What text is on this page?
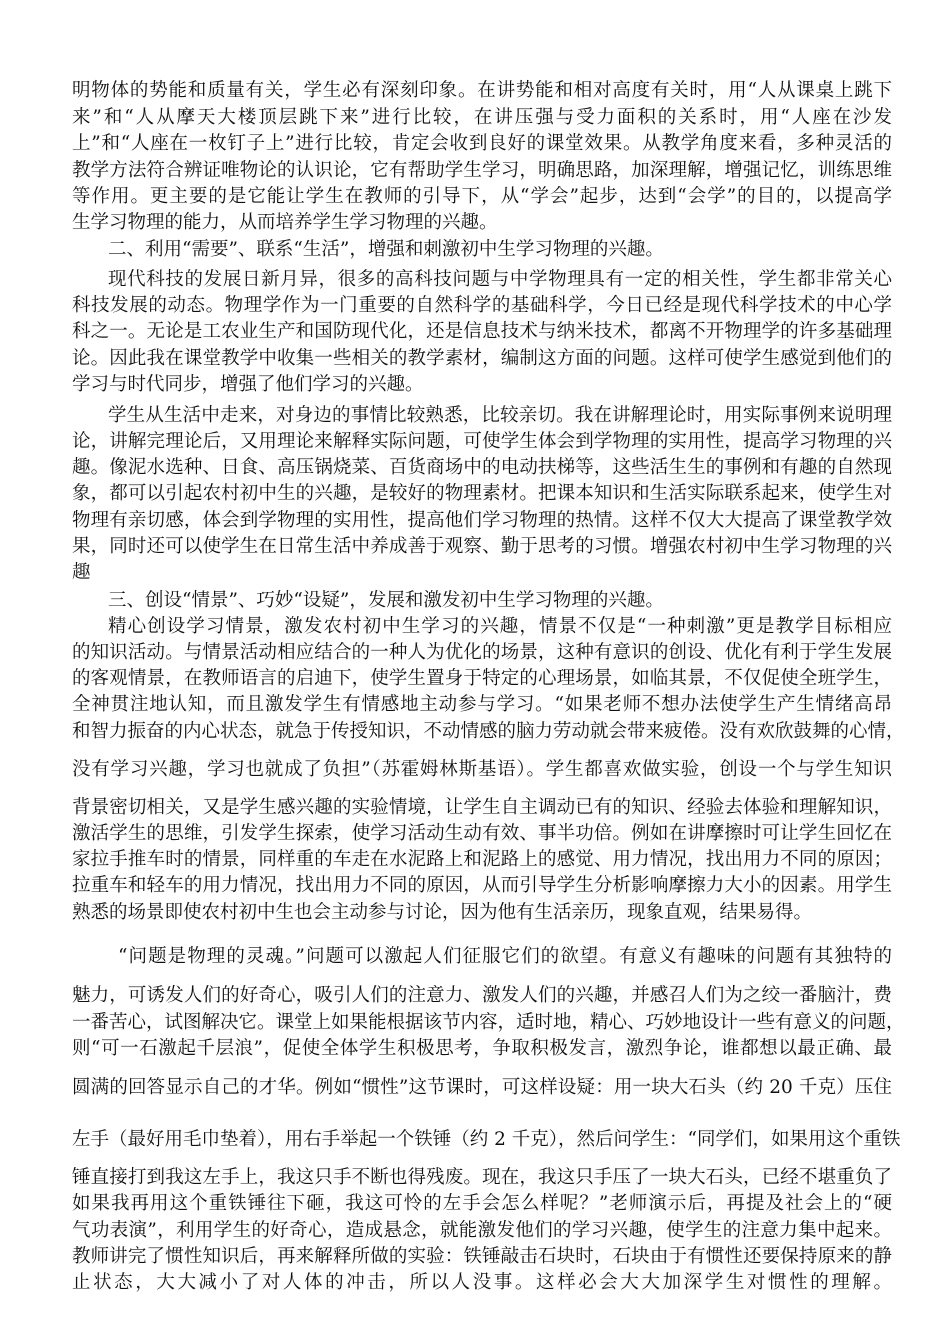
明物体的势能和质量有关，学生必有深刻印象。在讲势能和相对高度有关时，用“人从课桌上跳下
来”和“人从摩天大楼顶层跳下来”进行比较，在讲压强与受力面积的关系时，用“人座在沙发
上”和“人座在一枚钉子上”进行比较，肯定会收到良好的课堂效果。从教学角度来看，多种灵活的
教学方法符合辨证唯物论的认识论，它有帮助学生学习，明确思路，加深理解，增强记忆，训练思维
等作用。更主要的是它能让学生在教师的引导下，从“学会”起步，达到“会学”的目的，以提高学
生学习物理的能力，从而培养学生学习物理的兴趣。
二、利用“需要”、联系“生活”，增强和刺激初中生学习物理的兴趣。
现代科技的发展日新月异，很多的高科技问题与中学物理具有一定的相关性，学生都非常关心
科技发展的动态。物理学作为一门重要的自然科学的基础科学，今日已经是现代科学技术的中心学
科之一。无论是工农业生产和国防现代化，还是信息技术与纳米技术，都离不开物理学的许多基础理
论。因此我在课堂教学中收集一些相关的教学素材，编制这方面的问题。这样可使学生感觉到他们的
学习与时代同步，增强了他们学习的兴趣。
学生从生活中走来，对身边的事情比较熟悉，比较亲切。我在讲解理论时，用实际事例来说明理
论，讲解完理论后，又用理论来解释实际问题，可使学生体会到学物理的实用性，提高学习物理的兴
趣。像泥水选种、日食、高压锅烧菜、百货商场中的电动扶梯等，这些活生生的事例和有趣的自然现
象，都可以引起农村初中生的兴趣，是较好的物理素材。把课本知识和生活实际联系起来，使学生对
物理有亲切感，体会到学物理的实用性，提高他们学习物理的热情。这样不仅大大提高了课堂教学效
果，同时还可以使学生在日常生活中养成善于观察、勤于思考的习惯。增强农村初中生学习物理的兴
趣
三、创设“情景”、巧妙“设疑”，发展和激发初中生学习物理的兴趣。
精心创设学习情景，激发农村初中生学习的兴趣，情景不仅是“一种刺激”更是教学目标相应
的知识活动。与情景活动相应结合的一种人为优化的场景，这种有意识的创设、优化有利于学生发展
的客观情景，在教师语言的启迪下，使学生置身于特定的心理场景，如临其景，不仅促使全班学生，
全神贯注地认知，而且激发学生有情感地主动参与学习。“如果老师不想办法使学生产生情绪高昂
和智力振奋的内心状态，就急于传授知识，不动情感的脑力劳动就会带来疲倦。没有欢欣鼓舞的心情，
没有学习兴趣，学习也就成了负担”（苏霍姆林斯基语）。学生都喜欢做实验，创设一个与学生知识
背景密切相关，又是学生感兴趣的实验情境，让学生自主调动已有的知识、经验去体验和理解知识，
激活学生的思维，引发学生探索，使学习活动生动有效、事半功倍。例如在讲摩擦时可让学生回忆在
家拉手推车时的情景，同样重的车走在水泥路上和泥路上的感觉、用力情况，找出用力不同的原因；
拉重车和轻车的用力情况，找出用力不同的原因，从而引导学生分析影响摩擦力大小的因素。用学生
熟悉的场景即使农村初中生也会主动参与讨论，因为他有生活亲历，现象直观，结果易得。
“问题是物理的灵魂。”问题可以激起人们征服它们的欲望。有意义有趣味的问题有其独特的
魅力，可诱发人们的好奇心，吸引人们的注意力、激发人们的兴趣，并感召人们为之绞一番脑汁，费
一番苦心，试图解决它。课堂上如果能根据该节内容，适时地，精心、巧妙地设计一些有意义的问题，
则“可一石激起千层浪”，促使全体学生积极思考，争取积极发言，激烈争论，谁都想以最正确、最
圆满的回答显示自己的才华。例如“惯性”这节课时，可这样设疑：用一块大石头（约 20 千克）压住
左手（最好用毛巾垫着），用右手举起一个铁锤（约 2 千克），然后问学生：“同学们，如果用这个重铁
锤直接打到我这左手上，我这只手不断也得残废。现在，我这只手压了一块大石头，已经不堪重负了
如果我再用这个重铁锤往下砸，我这可怜的左手会怎么样呢？”老师演示后，再提及社会上的“硬
气功表演”，利用学生的好奇心，造成悬念，就能激发他们的学习兴趣，使学生的注意力集中起来。
教师讲完了惯性知识后，再来解释所做的实验：铁锤敲击石块时，石块由于有惯性还要保持原来的静
止状态，大大减小了对人体的冲击，所以人没事。这样必会大大加深学生对惯性的理解。
